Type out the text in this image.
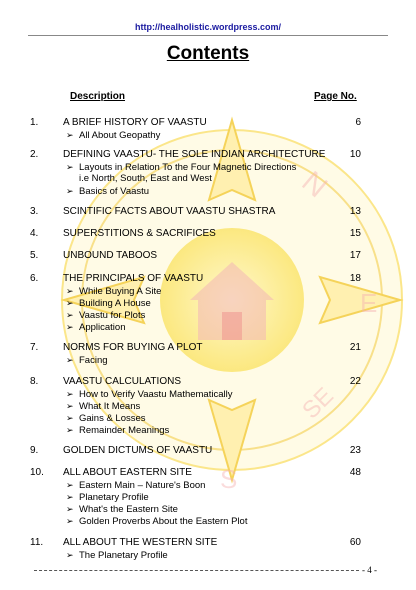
N
E
SE
S
http://healholistic.wordpress.com/
Contents
Description	Page No.
1. A BRIEF HISTORY OF VAASTU	6
➢ All About Geopathy
2. DEFINING VAASTU- THE SOLE INDIAN ARCHITECTURE	10
➢ Layouts in Relation To the Four Magnetic Directions
i.e North, South, East and West
➢ Basics of Vaastu
3. SCINTIFIC FACTS ABOUT VAASTU SHASTRA	13
4. SUPERSTITIONS & SACRIFICES	15
5. UNBOUND TABOOS	17
6. THE PRINCIPALS OF VAASTU	18
➢ While Buying A Site
➢ Building A House
➢ Vaastu for Plots
➢ Application
7. NORMS FOR BUYING A PLOT	21
➢ Facing
8. VAASTU CALCULATIONS	22
➢ How to Verify Vaastu Mathematically
➢ What It Means
➢ Gains & Losses
➢ Remainder Meanings
9. GOLDEN DICTUMS OF VAASTU	23
10. ALL ABOUT EASTERN SITE	48
➢ Eastern Main – Nature's Boon
➢ Planetary Profile
➢ What's the Eastern Site
➢ Golden Proverbs About the Eastern Plot
11. ALL ABOUT THE WESTERN SITE	60
➢ The Planetary Profile
- 4 -
